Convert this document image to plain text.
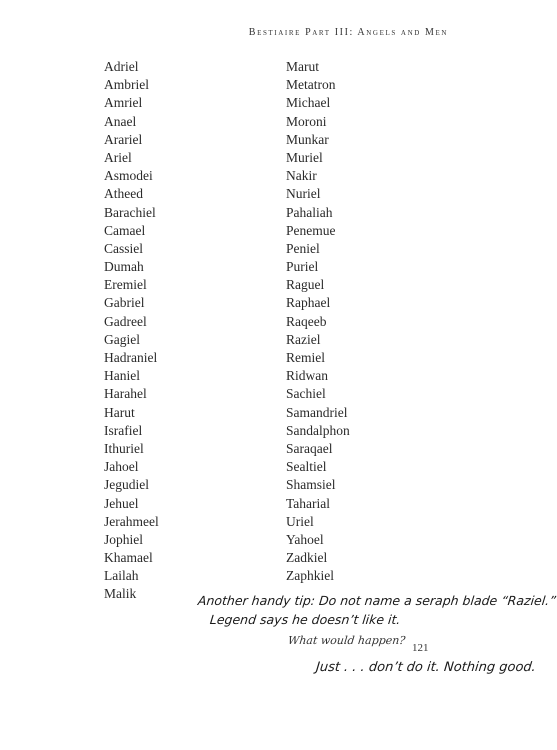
Bestiaire Part III: Angels and Men
Adriel
Ambriel
Amriel
Anael
Arariel
Ariel
Asmodei
Atheed
Barachiel
Camael
Cassiel
Dumah
Eremiel
Gabriel
Gadreel
Gagiel
Hadraniel
Haniel
Harahel
Harut
Israfiel
Ithuriel
Jahoel
Jegudiel
Jehuel
Jerahmeel
Jophiel
Khamael
Lailah
Malik
Marut
Metatron
Michael
Moroni
Munkar
Muriel
Nakir
Nuriel
Pahaliah
Penemue
Peniel
Puriel
Raguel
Raphael
Raqeeb
Raziel
Remiel
Ridwan
Sachiel
Samandriel
Sandalphon
Saraqael
Sealtiel
Shamsiel
Taharial
Uriel
Yahoel
Zadkiel
Zaphkiel
Another handy tip: Do not name a seraph blade “Raziel.”
Legend says he doesn’t like it.
What would happen?
121
Just . . . don’t do it. Nothing good.
